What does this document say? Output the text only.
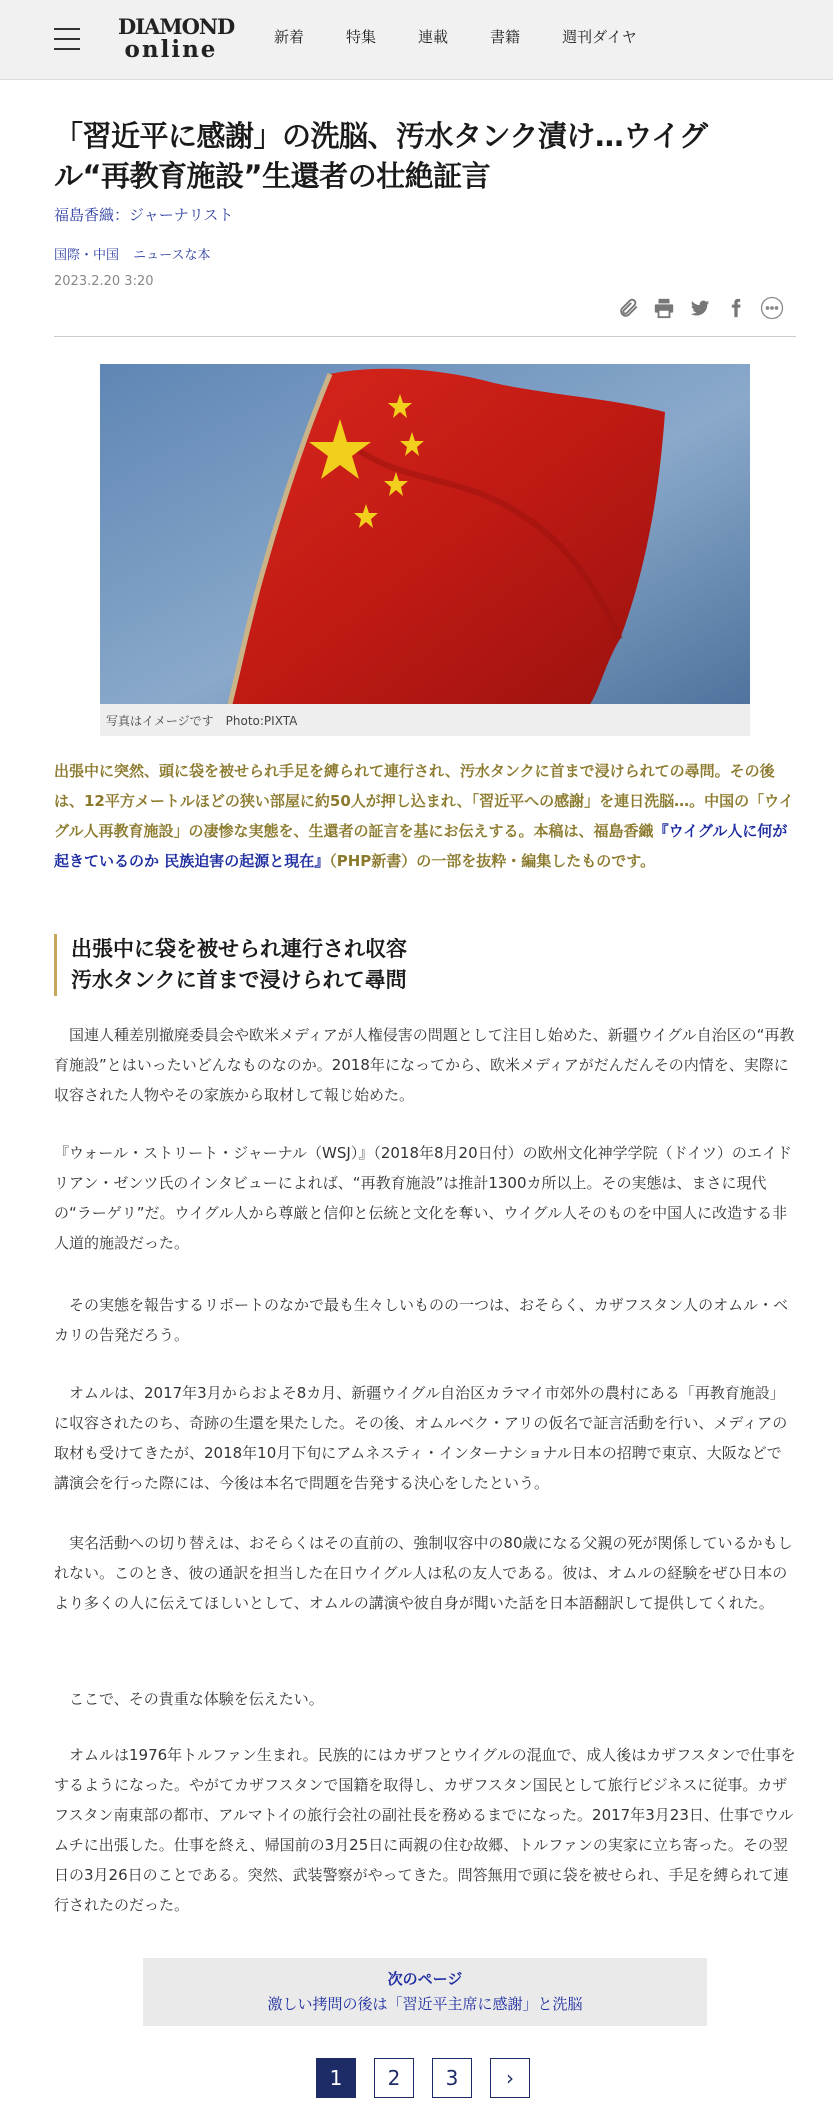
DIAMOND
online	新着	特集	連載	書籍	週刊ダイヤ
「習近平に感謝」の洗脳、汚水タンク漬け…ウイグル“再教育施設”生還者の壮絶証言
福島香織：ジャーナリスト
国際・中国 ニュースな本
2023.2.20 3:20
写真はイメージです　Photo:PIXTA

出張中に突然、頭に袋を被せられ手足を縛られて連行され、汚水タンクに首まで浸けられての尋問。その後は、12平方メートルほどの狭い部屋に約50人が押し込まれ、「習近平への感謝」を連日洗脳…。中国の「ウイグル人再教育施設」の凄惨な実態を、生還者の証言を基にお伝えする。本稿は、福島香織『ウイグル人に何が起きているのか 民族迫害の起源と現在』（PHP新書）の一部を抜粋・編集したものです。

出張中に袋を被せられ連行され収容
汚水タンクに首まで浸けられて尋問

　国連人種差別撤廃委員会や欧米メディアが人権侵害の問題として注目し始めた、新疆ウイグル自治区の“再教育施設”とはいったいどんなものなのか。2018年になってから、欧米メディアがだんだんその内情を、実際に収容された人物やその家族から取材して報じ始めた。

『ウォール・ストリート・ジャーナル（WSJ）』（2018年8月20日付）の欧州文化神学学院（ドイツ）のエイドリアン・ゼンツ氏のインタビューによれば、“再教育施設”は推計1300カ所以上。その実態は、まさに現代の“ラーゲリ”だ。ウイグル人から尊厳と信仰と伝統と文化を奪い、ウイグル人そのものを中国人に改造する非人道的施設だった。

　その実態を報告するリポートのなかで最も生々しいものの一つは、おそらく、カザフスタン人のオムル・ベカリの告発だろう。

　オムルは、2017年3月からおよそ8カ月、新疆ウイグル自治区カラマイ市郊外の農村にある「再教育施設」に収容されたのち、奇跡の生還を果たした。その後、オムルベク・アリの仮名で証言活動を行い、メディアの取材も受けてきたが、2018年10月下旬にアムネスティ・インターナショナル日本の招聘で東京、大阪などで講演会を行った際には、今後は本名で問題を告発する決心をしたという。

　実名活動への切り替えは、おそらくはその直前の、強制収容中の80歳になる父親の死が関係しているかもしれない。このとき、彼の通訳を担当した在日ウイグル人は私の友人である。彼は、オムルの経験をぜひ日本のより多くの人に伝えてほしいとして、オムルの講演や彼自身が聞いた話を日本語翻訳して提供してくれた。

　ここで、その貴重な体験を伝えたい。

　オムルは1976年トルファン生まれ。民族的にはカザフとウイグルの混血で、成人後はカザフスタンで仕事をするようになった。やがてカザフスタンで国籍を取得し、カザフスタン国民として旅行ビジネスに従事。カザフスタン南東部の都市、アルマトイの旅行会社の副社長を務めるまでになった。2017年3月23日、仕事でウルムチに出張した。仕事を終え、帰国前の3月25日に両親の住む故郷、トルファンの実家に立ち寄った。その翌日の3月26日のことである。突然、武装警察がやってきた。問答無用で頭に袋を被せられ、手足を縛られて連行されたのだった。

次のページ
激しい拷問の後は「習近平主席に感謝」と洗脳
1	2	3	›
